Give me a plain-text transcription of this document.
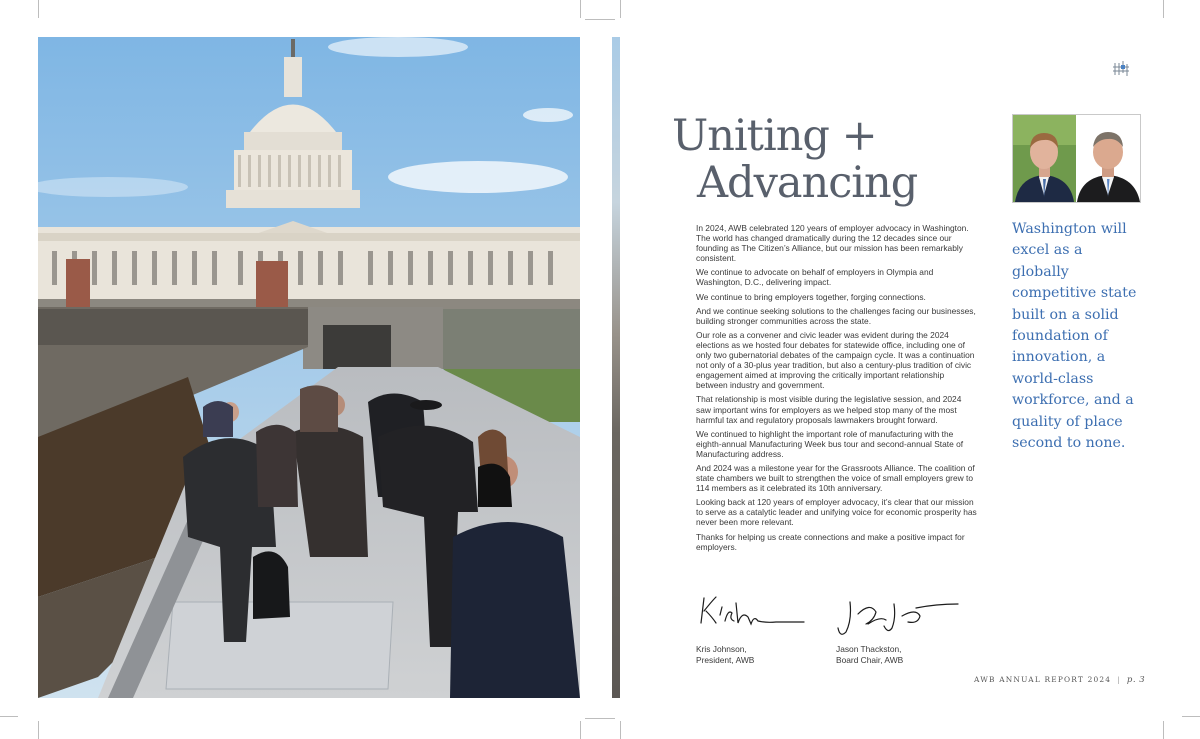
Uniting +

Advancing

In 2024, AWB celebrated 120 years of employer advocacy in Washington. The world has changed dramatically during the 12 decades since our founding as The Citizen’s Alliance, but our mission has been remarkably consistent.

We continue to advocate on behalf of employers in Olympia and Washington, D.C., delivering impact.

We continue to bring employers together, forging connections.

And we continue seeking solutions to the challenges facing our businesses, building stronger communities across the state.

Our role as a convener and civic leader was evident during the 2024 elections as we hosted four debates for statewide office, including one of only two gubernatorial debates of the campaign cycle. It was a continuation not only of a 30-plus year tradition, but also a century-plus tradition of civic engagement aimed at improving the critically important relationship between industry and government.

That relationship is most visible during the legislative session, and 2024 saw important wins for employers as we helped stop many of the most harmful tax and regulatory proposals lawmakers brought forward.

We continued to highlight the important role of manufacturing with the eighth-annual Manufacturing Week bus tour and second-annual State of Manufacturing address.

And 2024 was a milestone year for the Grassroots Alliance. The coalition of state chambers we built to strengthen the voice of small employers grew to 114 members as it celebrated its 10th anniversary.

Looking back at 120 years of employer advocacy, it’s clear that our mission to serve as a catalytic leader and unifying voice for economic prosperity has never been more relevant.

Thanks for helping us create connections and make a positive impact for employers.

Washington will excel as a globally competitive state built on a solid foundation of innovation, a world-class workforce, and a quality of place second to none.

Kris Johnson,
President, AWB
Jason Thackston,
Board Chair, AWB
AWB ANNUAL REPORT 2024 | p. 3
